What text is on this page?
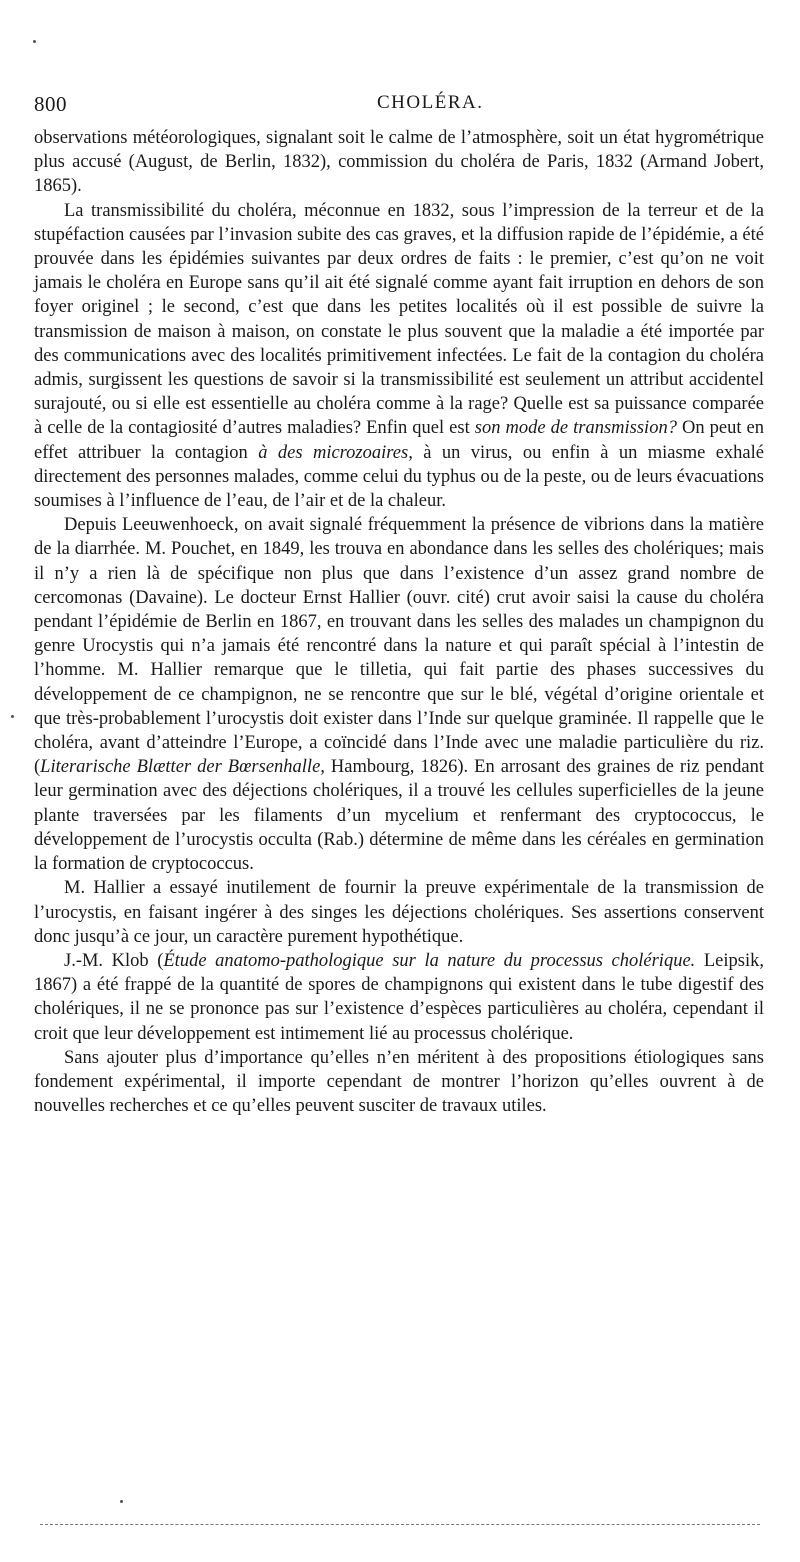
800	CHOLÉRA.

observations météorologiques, signalant soit le calme de l’atmosphère, soit un état hygrométrique plus accusé (August, de Berlin, 1832), commission du choléra de Paris, 1832 (Armand Jobert, 1865).

La transmissibilité du choléra, méconnue en 1832, sous l’impression de la terreur et de la stupéfaction causées par l’invasion subite des cas graves, et la diffusion rapide de l’épidémie, a été prouvée dans les épidémies suivantes par deux ordres de faits : le premier, c’est qu’on ne voit jamais le choléra en Europe sans qu’il ait été signalé comme ayant fait irruption en dehors de son foyer originel ; le second, c’est que dans les petites localités où il est possible de suivre la transmission de maison à maison, on constate le plus souvent que la maladie a été importée par des communications avec des localités primitivement infectées. Le fait de la contagion du choléra admis, surgissent les questions de savoir si la transmissibilité est seulement un attribut accidentel surajouté, ou si elle est essentielle au choléra comme à la rage? Quelle est sa puissance comparée à celle de la contagiosité d’autres maladies? Enfin quel est son mode de transmission? On peut en effet attribuer la contagion à des microzoaires, à un virus, ou enfin à un miasme exhalé directement des personnes malades, comme celui du typhus ou de la peste, ou de leurs évacuations soumises à l’influence de l’eau, de l’air et de la chaleur.

Depuis Leeuwenhoeck, on avait signalé fréquemment la présence de vibrions dans la matière de la diarrhée. M. Pouchet, en 1849, les trouva en abondance dans les selles des cholériques; mais il n’y a rien là de spécifique non plus que dans l’existence d’un assez grand nombre de cercomonas (Davaine). Le docteur Ernst Hallier (ouvr. cité) crut avoir saisi la cause du choléra pendant l’épidémie de Berlin en 1867, en trouvant dans les selles des malades un champignon du genre Urocystis qui n’a jamais été rencontré dans la nature et qui paraît spécial à l’intestin de l’homme. M. Hallier remarque que le tilletia, qui fait partie des phases successives du développement de ce champignon, ne se rencontre que sur le blé, végétal d’origine orientale et que très-probablement l’urocystis doit exister dans l’Inde sur quelque graminée. Il rappelle que le choléra, avant d’atteindre l’Europe, a coïncidé dans l’Inde avec une maladie particulière du riz.(Literarische Blætter der Bœrsenhalle, Hambourg, 1826). En arrosant des graines de riz pendant leur germination avec des déjections cholériques, il a trouvé les cellules superficielles de la jeune plante traversées par les filaments d’un mycelium et renfermant des cryptococcus, le développement de l’urocystis occulta (Rab.) détermine de même dans les céréales en germination la formation de cryptococcus.

M. Hallier a essayé inutilement de fournir la preuve expérimentale de la transmission de l’urocystis, en faisant ingérer à des singes les déjections cholériques. Ses assertions conservent donc jusqu’à ce jour, un caractère purement hypothétique.

J.-M. Klob (Étude anatomo-pathologique sur la nature du processus cholérique. Leipsik, 1867) a été frappé de la quantité de spores de champignons qui existent dans le tube digestif des cholériques, il ne se prononce pas sur l’existence d’espèces particulières au choléra, cependant il croit que leur développement est intimement lié au processus cholérique.

Sans ajouter plus d’importance qu’elles n’en méritent à des propositions étiologiques sans fondement expérimental, il importe cependant de montrer l’horizon qu’elles ouvrent à de nouvelles recherches et ce qu’elles peuvent susciter de travaux utiles.
